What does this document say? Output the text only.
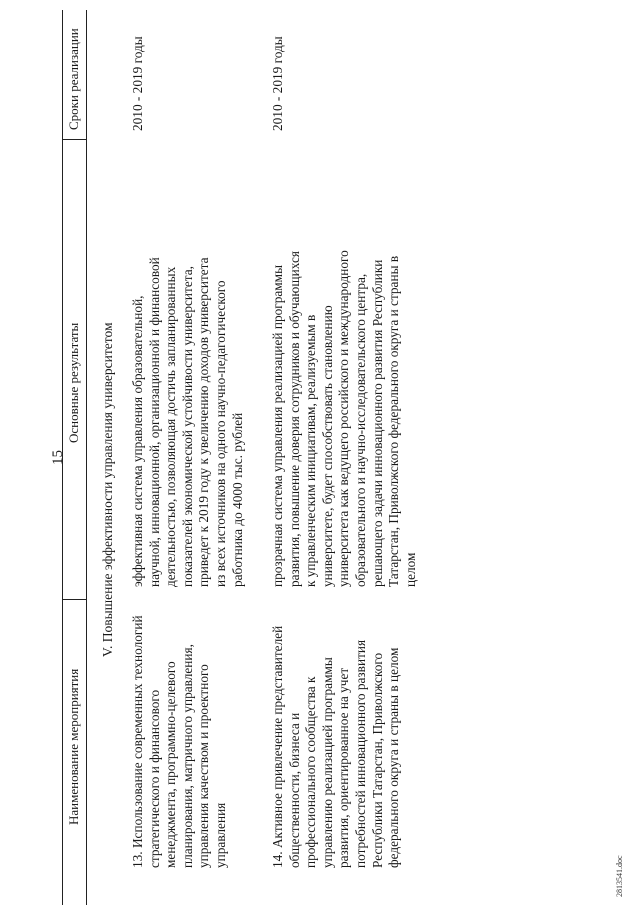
15
Наименование мероприятия
Основные результаты
Сроки реализации
V. Повышение эффективности управления университетом

13. Использование современных технологий стратегического и финансового менеджмента, программно-целевого планирования, матричного управления, управления качеством и проектного управления

эффективная система управления образовательной, научной, инновационной, организационной и финансовой деятельностью, позволяющая достичь запланированных показателей экономической устойчивости университета, приведет к 2019 году к увеличению доходов университета из всех источников на одного научно-педагогического работника до 4000 тыс. рублей

2010 - 2019 годы

14. Активное привлечение представителей общественности, бизнеса и профессионального сообщества к управлению реализацией программы развития, ориентированное на учет потребностей инновационного развития Республики Татарстан, Приволжского федерального округа и страны в целом

прозрачная система управления реализацией программы развития, повышение доверия сотрудников и обучающихся к управленческим инициативам, реализуемым в университете, будет способствовать становлению университета как ведущего российского и международного образовательного и научно-исследовательского центра, решающего задачи инновационного развития Республики Татарстан, Приволжского федерального округа и страны в целом

2010 - 2019 годы
2813541.doc
